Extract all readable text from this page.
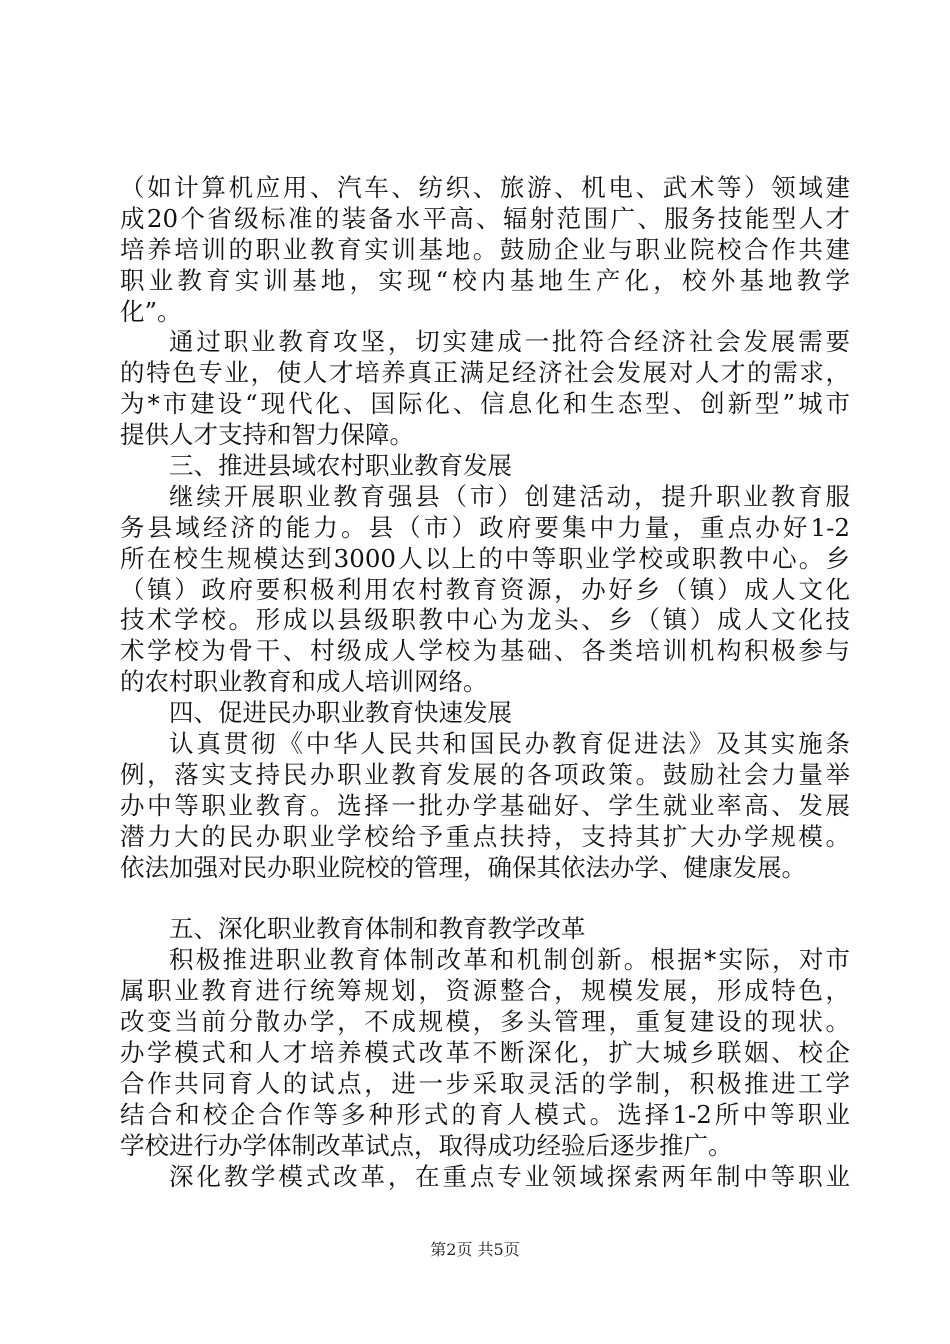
（如计算机应用、汽车、纺织、旅游、机电、武术等）领域建
成20个省级标准的装备水平高、辐射范围广、服务技能型人才
培养培训的职业教育实训基地。鼓励企业与职业院校合作共建
职业教育实训基地，实现“校内基地生产化，校外基地教学
化”。
通过职业教育攻坚，切实建成一批符合经济社会发展需要
的特色专业，使人才培养真正满足经济社会发展对人才的需求，
为*市建设“现代化、国际化、信息化和生态型、创新型”城市
提供人才支持和智力保障。
三、推进县域农村职业教育发展
继续开展职业教育强县（市）创建活动，提升职业教育服
务县域经济的能力。县（市）政府要集中力量，重点办好1-2
所在校生规模达到3000人以上的中等职业学校或职教中心。乡
（镇）政府要积极利用农村教育资源，办好乡（镇）成人文化
技术学校。形成以县级职教中心为龙头、乡（镇）成人文化技
术学校为骨干、村级成人学校为基础、各类培训机构积极参与
的农村职业教育和成人培训网络。
四、促进民办职业教育快速发展
认真贯彻《中华人民共和国民办教育促进法》及其实施条
例，落实支持民办职业教育发展的各项政策。鼓励社会力量举
办中等职业教育。选择一批办学基础好、学生就业率高、发展
潜力大的民办职业学校给予重点扶持，支持其扩大办学规模。
依法加强对民办职业院校的管理，确保其依法办学、健康发展。
五、深化职业教育体制和教育教学改革
积极推进职业教育体制改革和机制创新。根据*实际，对市
属职业教育进行统筹规划，资源整合，规模发展，形成特色，
改变当前分散办学，不成规模，多头管理，重复建设的现状。
办学模式和人才培养模式改革不断深化，扩大城乡联姻、校企
合作共同育人的试点，进一步采取灵活的学制，积极推进工学
结合和校企合作等多种形式的育人模式。选择1-2所中等职业
学校进行办学体制改革试点，取得成功经验后逐步推广。
深化教学模式改革，在重点专业领域探索两年制中等职业
第2页 共5页
